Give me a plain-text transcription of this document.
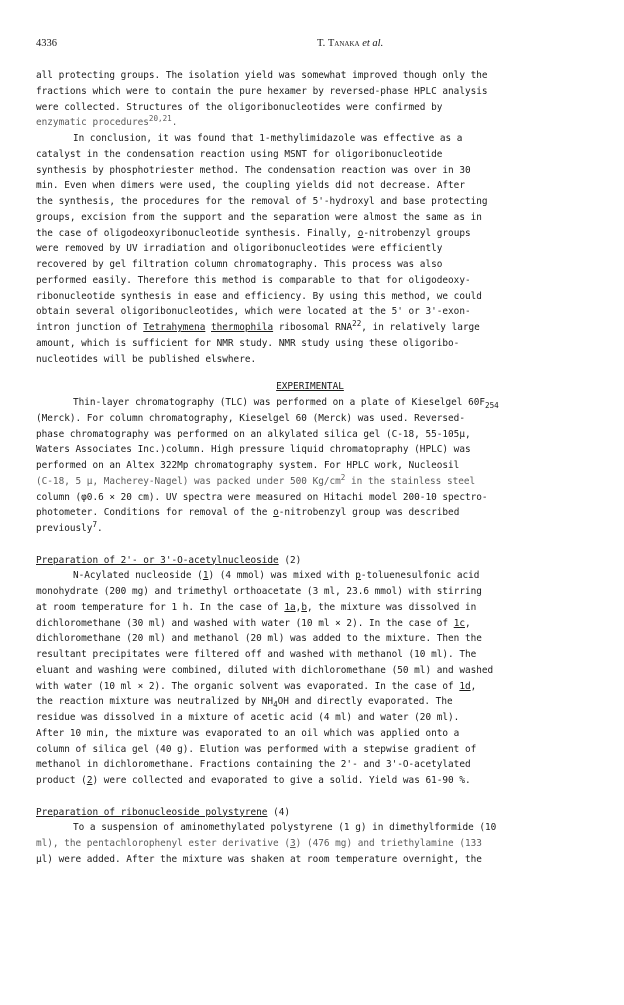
4336	T. Tanaka et al.
all protecting groups. The isolation yield was somewhat improved though only the
fractions which were to contain the pure hexamer by reversed-phase HPLC analysis
were collected. Structures of the oligoribonucleotides were confirmed by
enzymatic procedures$^{20,21}$.
In conclusion, it was found that 1-methylimidazole was effective as a
catalyst in the condensation reaction using MSNT for oligoribonucleotide
synthesis by phosphotriester method. The condensation reaction was over in 30
min. Even when dimers were used, the coupling yields did not decrease. After
the synthesis, the procedures for the removal of 5'-hydroxyl and base protecting
groups, excision from the support and the separation were almost the same as in
the case of oligodeoxyribonucleotide synthesis. Finally, o-nitrobenzyl groups
were removed by UV irradiation and oligoribonucleotides were efficiently
recovered by gel filtration column chromatography. This process was also
performed easily. Therefore this method is comparable to that for oligodeoxy-
ribonucleotide synthesis in ease and efficiency. By using this method, we could
obtain several oligoribonucleotides, which were located at the 5' or 3'-exon-
intron junction of Tetrahymena thermophila ribosomal RNA$^{22}$, in relatively large
amount, which is sufficient for NMR study. NMR study using these oligoribo-
nucleotides will be published elswhere.
EXPERIMENTAL
Thin-layer chromatography (TLC) was performed on a plate of Kieselgel $60F_{254}$
(Merck). For column chromatography, Kieselgel 60 (Merck) was used. Reversed-
phase chromatography was performed on an alkylated silica gel (C-18, 55-105μ,
Waters Associates Inc.)column. High pressure liquid chromatopraphy (HPLC) was
performed on an Altex 322Mp chromatography system. For HPLC work, Nucleosil
(C-18, 5 μ, Macherey-Nagel) was packed under 500 $Kg/cm^2$ in the stainless steel
column (φ0.6 × 20 cm). UV spectra were measured on Hitachi model 200-10 spectro-
photometer. Conditions for removal of the o-nitrobenzyl group was described
previously$^7$.
Preparation of 2'- or 3'-O-acetylnucleoside (2)
N-Acylated nucleoside (1) (4 mmol) was mixed with p-toluenesulfonic acid
monohydrate (200 mg) and trimethyl orthoacetate (3 ml, 23.6 mmol) with stirring
at room temperature for 1 h. In the case of 1a,b, the mixture was dissolved in
dichloromethane (30 ml) and washed with water (10 ml × 2). In the case of 1c,
dichloromethane (20 ml) and methanol (20 ml) was added to the mixture. Then the
resultant precipitates were filtered off and washed with methanol (10 ml). The
eluant and washing were combined, diluted with dichloromethane (50 ml) and washed
with water (10 ml × 2). The organic solvent was evaporated. In the case of 1d,
the reaction mixture was neutralized by $NH_4OH$ and directly evaporated. The
residue was dissolved in a mixture of acetic acid (4 ml) and water (20 ml).
After 10 min, the mixture was evaporated to an oil which was applied onto a
column of silica gel (40 g). Elution was performed with a stepwise gradient of
methanol in dichloromethane. Fractions containing the 2'- and 3'-O-acetylated
product (2) were collected and evaporated to give a solid. Yield was 61-90 %.
Preparation of ribonucleoside polystyrene (4)
To a suspension of aminomethylated polystyrene (1 g) in dimethylformide (10
ml), the pentachlorophenyl ester derivative (3) (476 mg) and triethylamine (133
μl) were added. After the mixture was shaken at room temperature overnight, the
